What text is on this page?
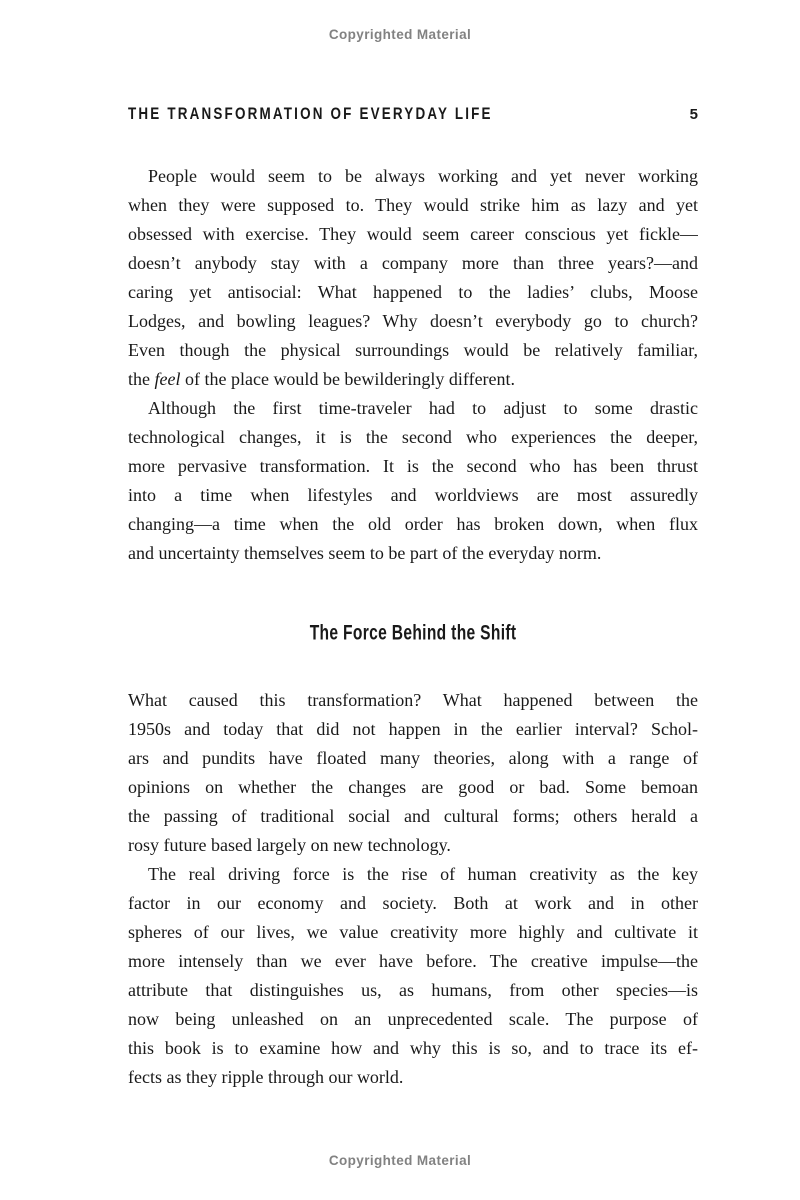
Copyrighted Material
THE TRANSFORMATION OF EVERYDAY LIFE	5
People would seem to be always working and yet never working
when they were supposed to. They would strike him as lazy and yet
obsessed with exercise. They would seem career conscious yet fickle—
doesn’t anybody stay with a company more than three years?—and
caring yet antisocial: What happened to the ladies’ clubs, Moose
Lodges, and bowling leagues? Why doesn’t everybody go to church?
Even though the physical surroundings would be relatively familiar,
the feel of the place would be bewilderingly different.
Although the first time-traveler had to adjust to some drastic
technological changes, it is the second who experiences the deeper,
more pervasive transformation. It is the second who has been thrust
into a time when lifestyles and worldviews are most assuredly
changing—a time when the old order has broken down, when flux
and uncertainty themselves seem to be part of the everyday norm.
The Force Behind the Shift
What caused this transformation? What happened between the
1950s and today that did not happen in the earlier interval? Schol-
ars and pundits have floated many theories, along with a range of
opinions on whether the changes are good or bad. Some bemoan
the passing of traditional social and cultural forms; others herald a
rosy future based largely on new technology.
The real driving force is the rise of human creativity as the key
factor in our economy and society. Both at work and in other
spheres of our lives, we value creativity more highly and cultivate it
more intensely than we ever have before. The creative impulse—the
attribute that distinguishes us, as humans, from other species—is
now being unleashed on an unprecedented scale. The purpose of
this book is to examine how and why this is so, and to trace its ef-
fects as they ripple through our world.
Copyrighted Material
